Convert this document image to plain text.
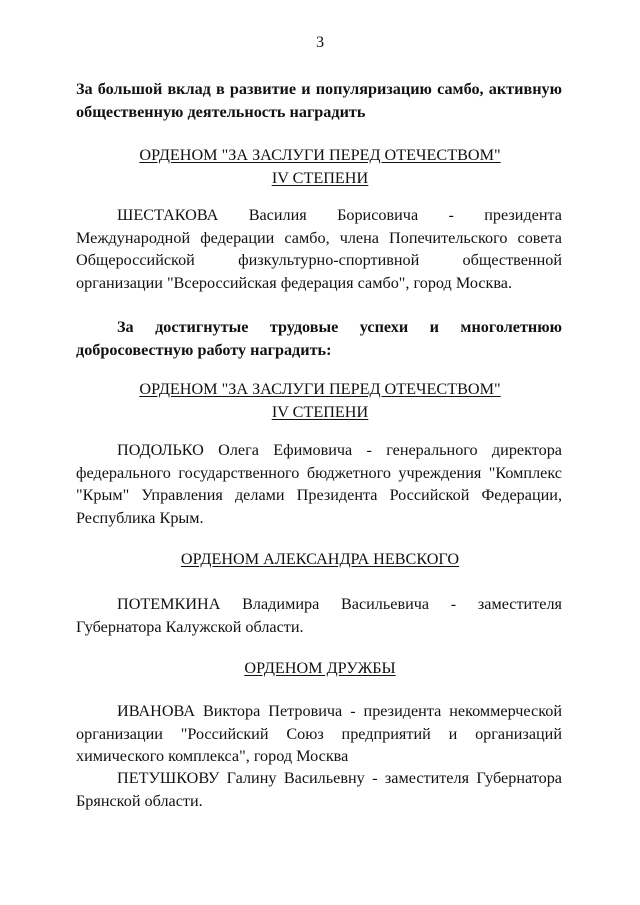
3
За большой вклад в развитие и популяризацию самбо, активную общественную деятельность наградить
ОРДЕНОМ "ЗА ЗАСЛУГИ ПЕРЕД ОТЕЧЕСТВОМ"
IV СТЕПЕНИ
ШЕСТАКОВА Василия Борисовича - президента Международной федерации самбо, члена Попечительского совета Общероссийской физкультурно-спортивной общественной организации "Всероссийская федерация самбо", город Москва.
За достигнутые трудовые успехи и многолетнюю добросовестную работу наградить:
ОРДЕНОМ "ЗА ЗАСЛУГИ ПЕРЕД ОТЕЧЕСТВОМ"
IV СТЕПЕНИ
ПОДОЛЬКО Олега Ефимовича - генерального директора федерального государственного бюджетного учреждения "Комплекс "Крым" Управления делами Президента Российской Федерации, Республика Крым.
ОРДЕНОМ АЛЕКСАНДРА НЕВСКОГО
ПОТЕМКИНА Владимира Васильевича - заместителя Губернатора Калужской области.
ОРДЕНОМ ДРУЖБЫ
ИВАНОВА Виктора Петровича - президента некоммерческой организации "Российский Союз предприятий и организаций химического комплекса", город Москва
ПЕТУШКОВУ Галину Васильевну - заместителя Губернатора Брянской области.
